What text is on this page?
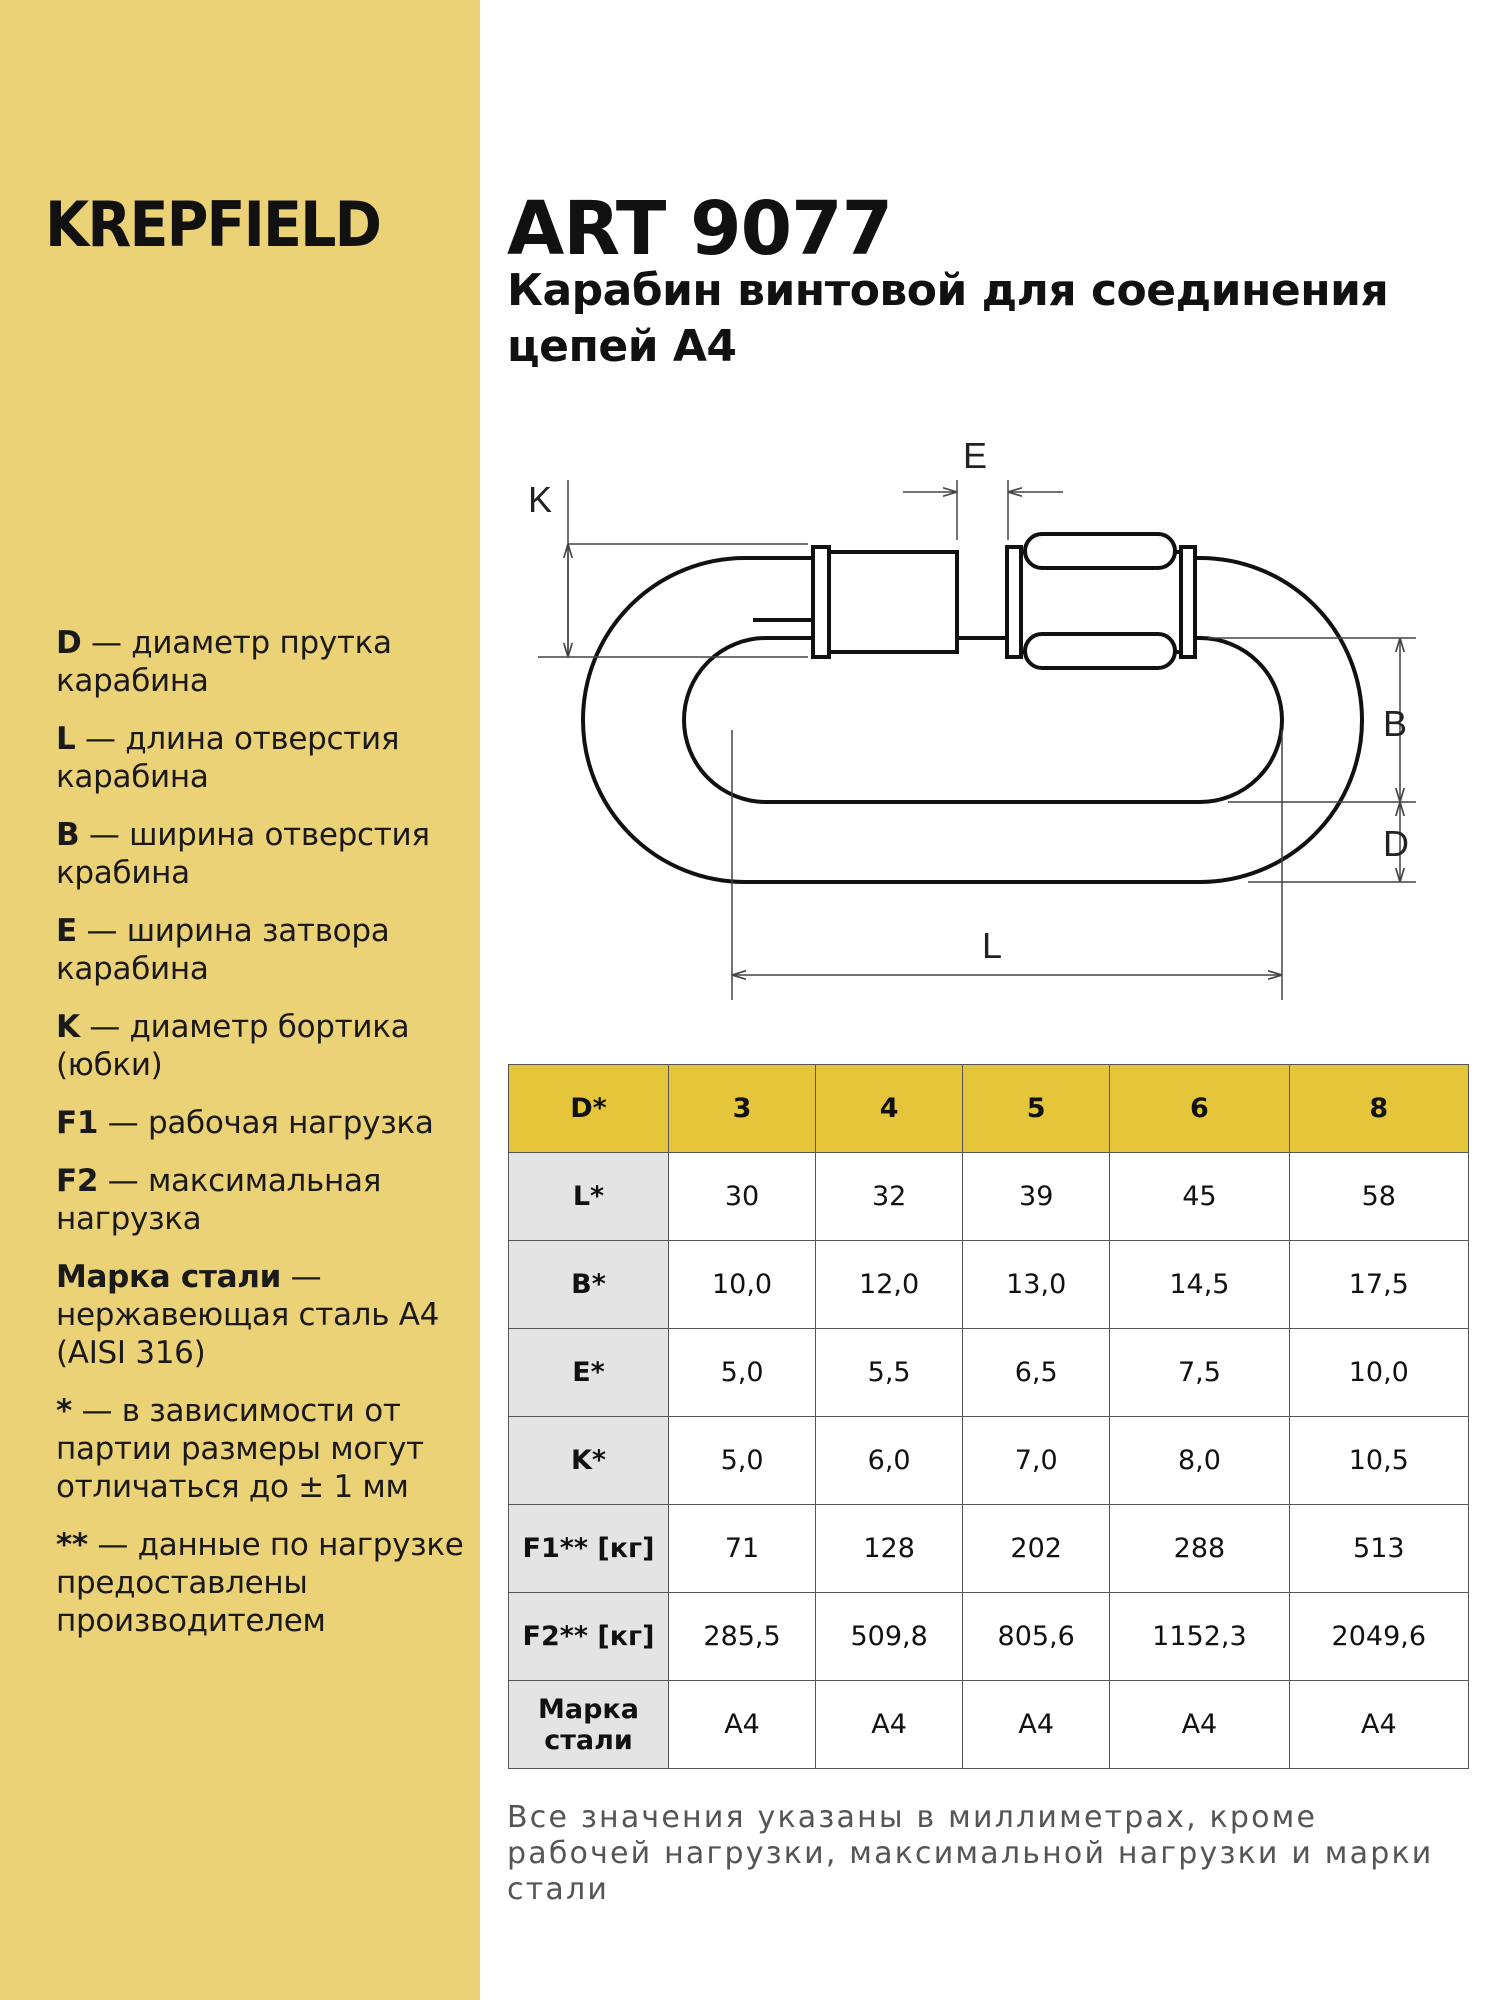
KREPFIELD
D — диаметр прутка карабина
L — длина отверстия карабина
B — ширина отверстия крабина
E — ширина затвора карабина
K — диаметр бортика (юбки)
F1 — рабочая нагрузка
F2 — максимальная нагрузка
Марка стали — нержавеющая сталь А4 (AISI 316)
* — в зависимости от партии размеры могут отличаться до ± 1 мм
** — данные по нагрузке предоставлены производителем
ART 9077
Карабин винтовой для соединения цепей А4
K
E
B
D
L
D*	3	4	5	6	8
L*	30	32	39	45	58
B*	10,0	12,0	13,0	14,5	17,5
E*	5,0	5,5	6,5	7,5	10,0
K*	5,0	6,0	7,0	8,0	10,5
F1** [кг]	71	128	202	288	513
F2** [кг]	285,5	509,8	805,6	1152,3	2049,6
Марка стали	А4	А4	А4	А4	А4
Все значения указаны в миллиметрах, кроме рабочей нагрузки, максимальной нагрузки и марки стали
